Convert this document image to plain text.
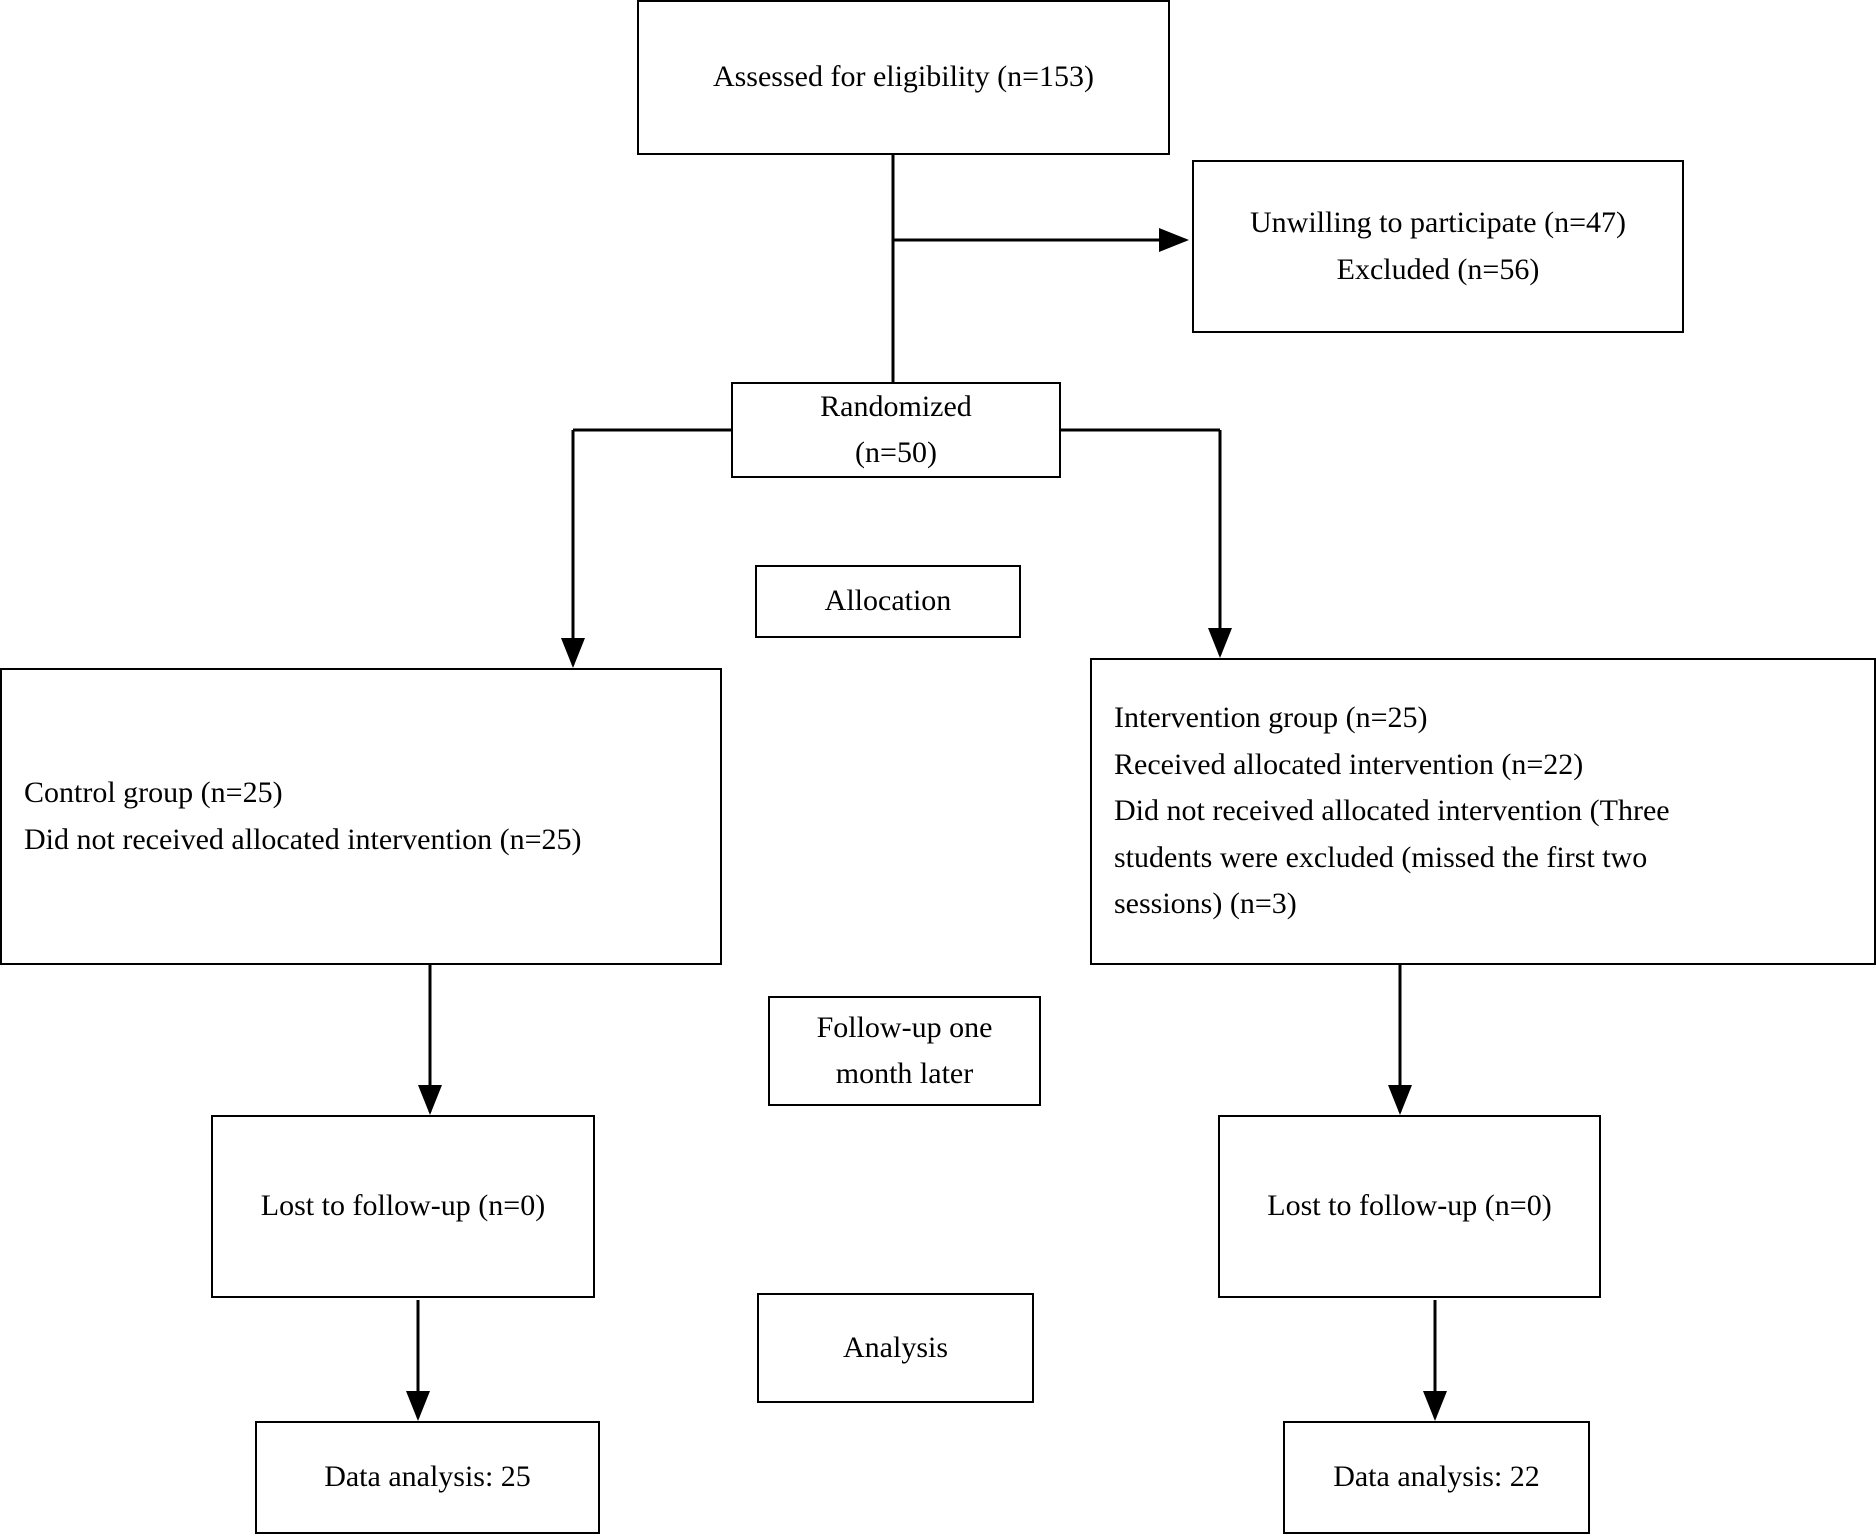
Assessed for eligibility (n=153)
Unwilling to participate (n=47)
Excluded (n=56)
Randomized
(n=50)
Allocation
Control group (n=25)
Did not received allocated intervention (n=25)
Intervention group (n=25)
Received allocated intervention (n=22)
Did not received allocated intervention (Three
students were excluded (missed the first two
sessions) (n=3)
Follow-up one
month later
Lost to follow-up (n=0)	Lost to follow-up (n=0)
Analysis
Data analysis: 25	Data analysis: 22
